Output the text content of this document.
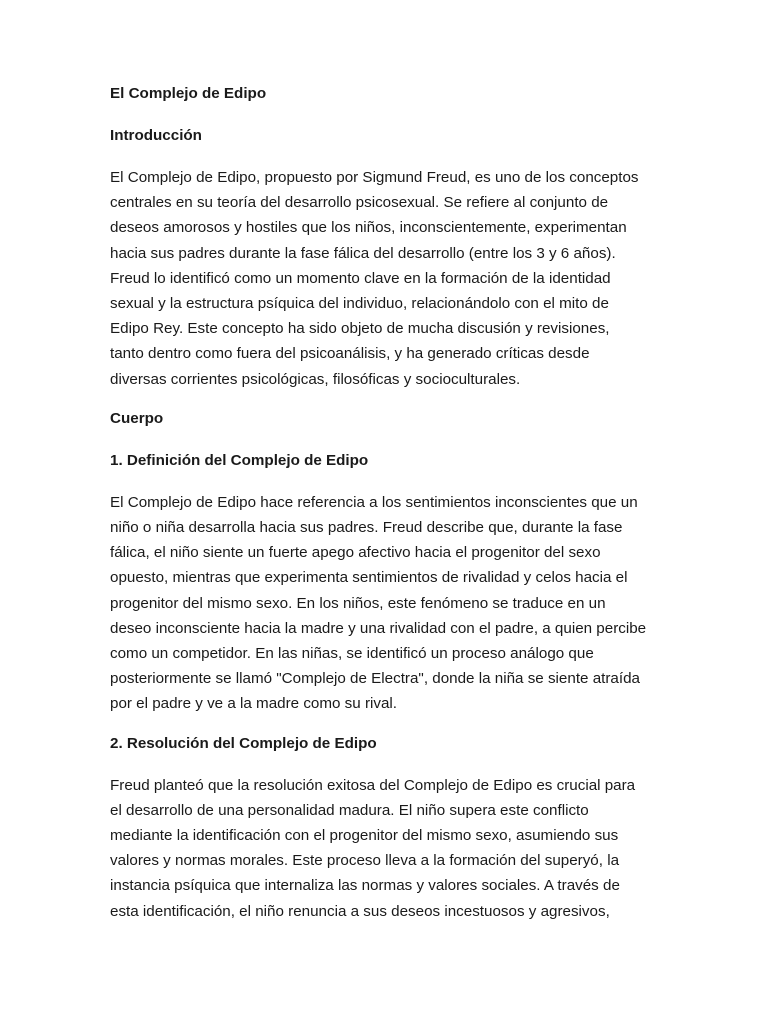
El Complejo de Edipo
Introducción
El Complejo de Edipo, propuesto por Sigmund Freud, es uno de los conceptos
centrales en su teoría del desarrollo psicosexual. Se refiere al conjunto de
deseos amorosos y hostiles que los niños, inconscientemente, experimentan
hacia sus padres durante la fase fálica del desarrollo (entre los 3 y 6 años).
Freud lo identificó como un momento clave en la formación de la identidad
sexual y la estructura psíquica del individuo, relacionándolo con el mito de
Edipo Rey. Este concepto ha sido objeto de mucha discusión y revisiones,
tanto dentro como fuera del psicoanálisis, y ha generado críticas desde
diversas corrientes psicológicas, filosóficas y socioculturales.
Cuerpo
1. Definición del Complejo de Edipo
El Complejo de Edipo hace referencia a los sentimientos inconscientes que un
niño o niña desarrolla hacia sus padres. Freud describe que, durante la fase
fálica, el niño siente un fuerte apego afectivo hacia el progenitor del sexo
opuesto, mientras que experimenta sentimientos de rivalidad y celos hacia el
progenitor del mismo sexo. En los niños, este fenómeno se traduce en un
deseo inconsciente hacia la madre y una rivalidad con el padre, a quien percibe
como un competidor. En las niñas, se identificó un proceso análogo que
posteriormente se llamó "Complejo de Electra", donde la niña se siente atraída
por el padre y ve a la madre como su rival.
2. Resolución del Complejo de Edipo
Freud planteó que la resolución exitosa del Complejo de Edipo es crucial para
el desarrollo de una personalidad madura. El niño supera este conflicto
mediante la identificación con el progenitor del mismo sexo, asumiendo sus
valores y normas morales. Este proceso lleva a la formación del superyó, la
instancia psíquica que internaliza las normas y valores sociales. A través de
esta identificación, el niño renuncia a sus deseos incestuosos y agresivos,
